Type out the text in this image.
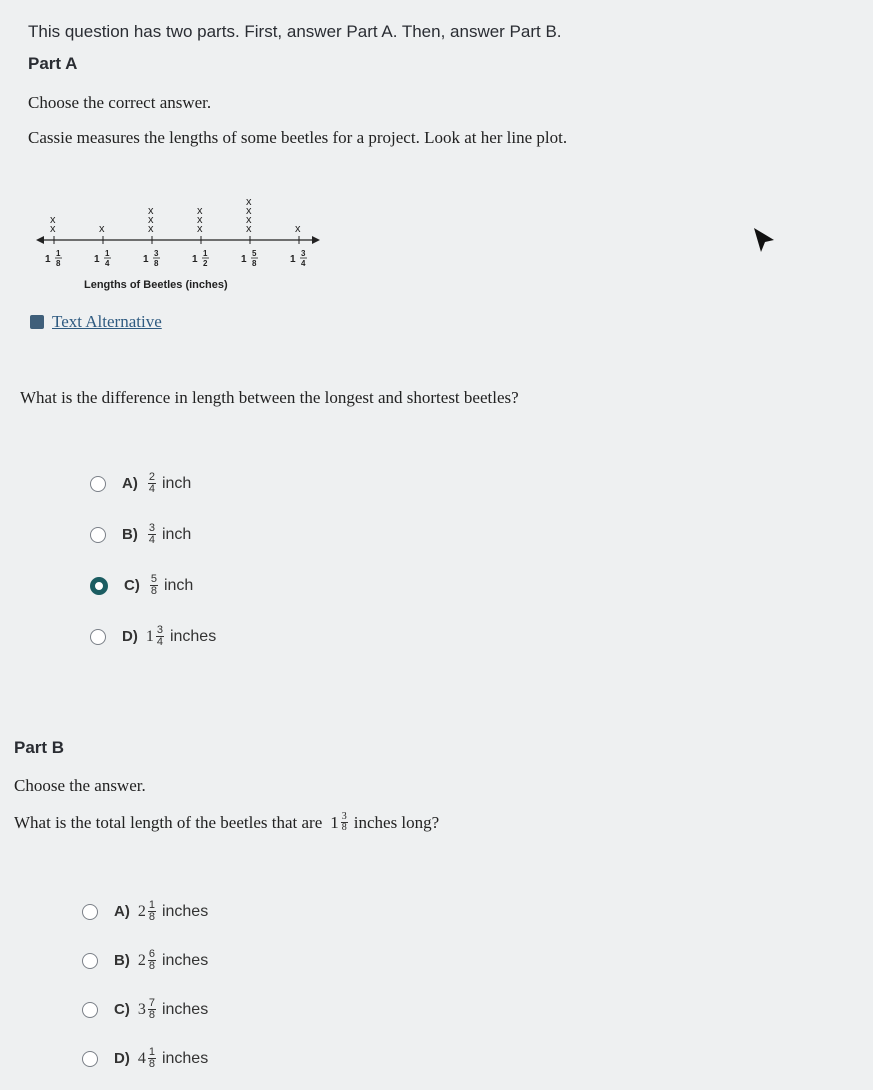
This question has two parts. First, answer Part A. Then, answer Part B.
Part A
Choose the correct answer.
Cassie measures the lengths of some beetles for a project. Look at her line plot.
1
1
8
x
x
1
1
4
x
1
3
8
x
x
x
1
1
2
x
x
x
1
5
8
x
x
x
x
1
3
4
x
Lengths of Beetles (inches)
Text Alternative
What is the difference in length between the longest and shortest beetles?
$A) \frac{2}{4}$ inch
$B) \frac{3}{4}$ inch
$C) \frac{5}{8}$ inch
D) $1 \frac{3}{4}$ inches
Part B
Choose the answer.
What is the total length of the beetles that are $1 \frac{3}{8}$ inches long?
A) $2 \frac{1}{8}$ inches
B) $2 \frac{6}{8}$ inches
C) $3 \frac{7}{8}$ inches
D) $4 \frac{1}{8}$ inches
